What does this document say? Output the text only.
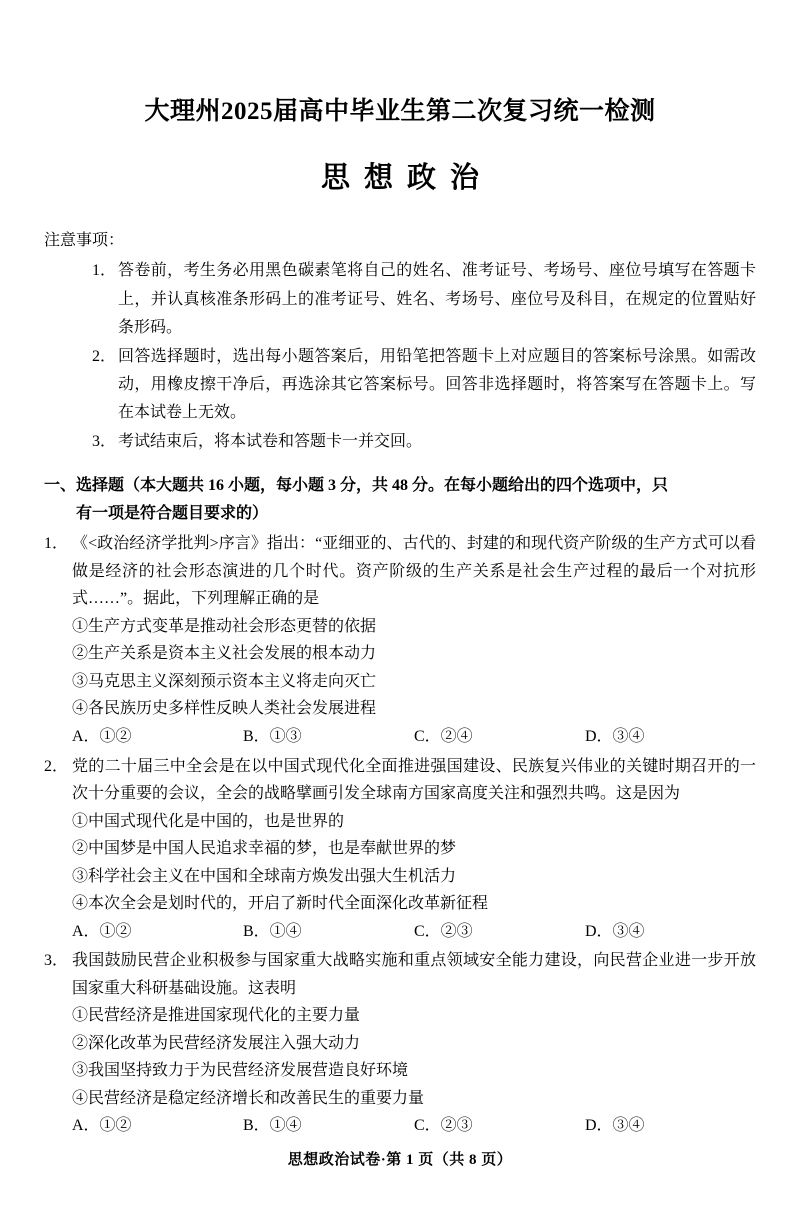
大理州2025届高中毕业生第二次复习统一检测
思想政治
注意事项：
1． 答卷前，考生务必用黑色碳素笔将自己的姓名、准考证号、考场号、座位号填写在答题卡上，并认真核准条形码上的准考证号、姓名、考场号、座位号及科目，在规定的位置贴好条形码。
2． 回答选择题时，选出每小题答案后，用铅笔把答题卡上对应题目的答案标号涂黑。如需改动，用橡皮擦干净后，再选涂其它答案标号。回答非选择题时，将答案写在答题卡上。写在本试卷上无效。
3． 考试结束后，将本试卷和答题卡一并交回。
一、选择题（本大题共 16 小题，每小题 3 分，共 48 分。在每小题给出的四个选项中，只
有一项是符合题目要求的）
1． 《<政治经济学批判>序言》指出：“亚细亚的、古代的、封建的和现代资产阶级的生产方式可以看做是经济的社会形态演进的几个时代。资产阶级的生产关系是社会生产过程的最后一个对抗形式……”。据此，下列理解正确的是
①生产方式变革是推动社会形态更替的依据
②生产关系是资本主义社会发展的根本动力
③马克思主义深刻预示资本主义将走向灭亡
④各民族历史多样性反映人类社会发展进程
A．①②	B．①③	C．②④	D．③④
2． 党的二十届三中全会是在以中国式现代化全面推进强国建设、民族复兴伟业的关键时期召开的一次十分重要的会议，全会的战略擘画引发全球南方国家高度关注和强烈共鸣。这是因为
①中国式现代化是中国的，也是世界的
②中国梦是中国人民追求幸福的梦，也是奉献世界的梦
③科学社会主义在中国和全球南方焕发出强大生机活力
④本次全会是划时代的，开启了新时代全面深化改革新征程
A．①②	B．①④	C．②③	D．③④
3． 我国鼓励民营企业积极参与国家重大战略实施和重点领域安全能力建设，向民营企业进一步开放国家重大科研基础设施。这表明
①民营经济是推进国家现代化的主要力量
②深化改革为民营经济发展注入强大动力
③我国坚持致力于为民营经济发展营造良好环境
④民营经济是稳定经济增长和改善民生的重要力量
A．①②	B．①④	C．②③	D．③④
思想政治试卷·第 1 页（共 8 页）
